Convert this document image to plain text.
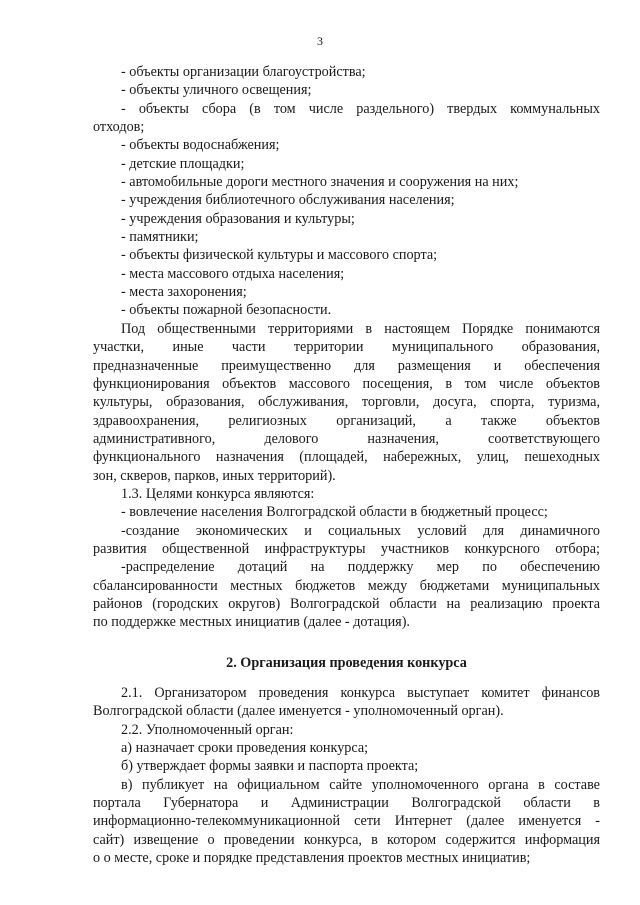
3
- объекты организации благоустройства;
- объекты уличного освещения;
- объекты сбора (в том числе раздельного) твердых коммунальных
отходов;
- объекты водоснабжения;
- детские площадки;
- автомобильные дороги местного значения и сооружения на них;
- учреждения библиотечного обслуживания населения;
- учреждения образования и культуры;
- памятники;
- объекты физической культуры и массового спорта;
- места массового отдыха населения;
- места захоронения;
- объекты пожарной безопасности.
Под общественными территориями в настоящем Порядке понимаются
участки, иные части территории муниципального образования,
предназначенные преимущественно для размещения и обеспечения
функционирования объектов массового посещения, в том числе объектов
культуры, образования, обслуживания, торговли, досуга, спорта, туризма,
здравоохранения, религиозных организаций, а также объектов
административного, делового назначения, соответствующего
функционального назначения (площадей, набережных, улиц, пешеходных
зон, скверов, парков, иных территорий).
1.3. Целями конкурса являются:
- вовлечение населения Волгоградской области в бюджетный процесс;
-создание экономических и социальных условий для динамичного
развития общественной инфраструктуры участников конкурсного отбора;
-распределение дотаций на поддержку мер по обеспечению
сбалансированности местных бюджетов между бюджетами муниципальных
районов (городских округов) Волгоградской области на реализацию проекта
по поддержке местных инициатив (далее - дотация).
2. Организация проведения конкурса
2.1. Организатором проведения конкурса выступает комитет финансов
Волгоградской области (далее именуется - уполномоченный орган).
2.2. Уполномоченный орган:
а) назначает сроки проведения конкурса;
б) утверждает формы заявки и паспорта проекта;
в) публикует на официальном сайте уполномоченного органа в составе
портала Губернатора и Администрации Волгоградской области в
информационно-телекоммуникационной сети Интернет (далее именуется -
сайт) извещение о проведении конкурса, в котором содержится информация
о о месте, сроке и порядке представления проектов местных инициатив;
